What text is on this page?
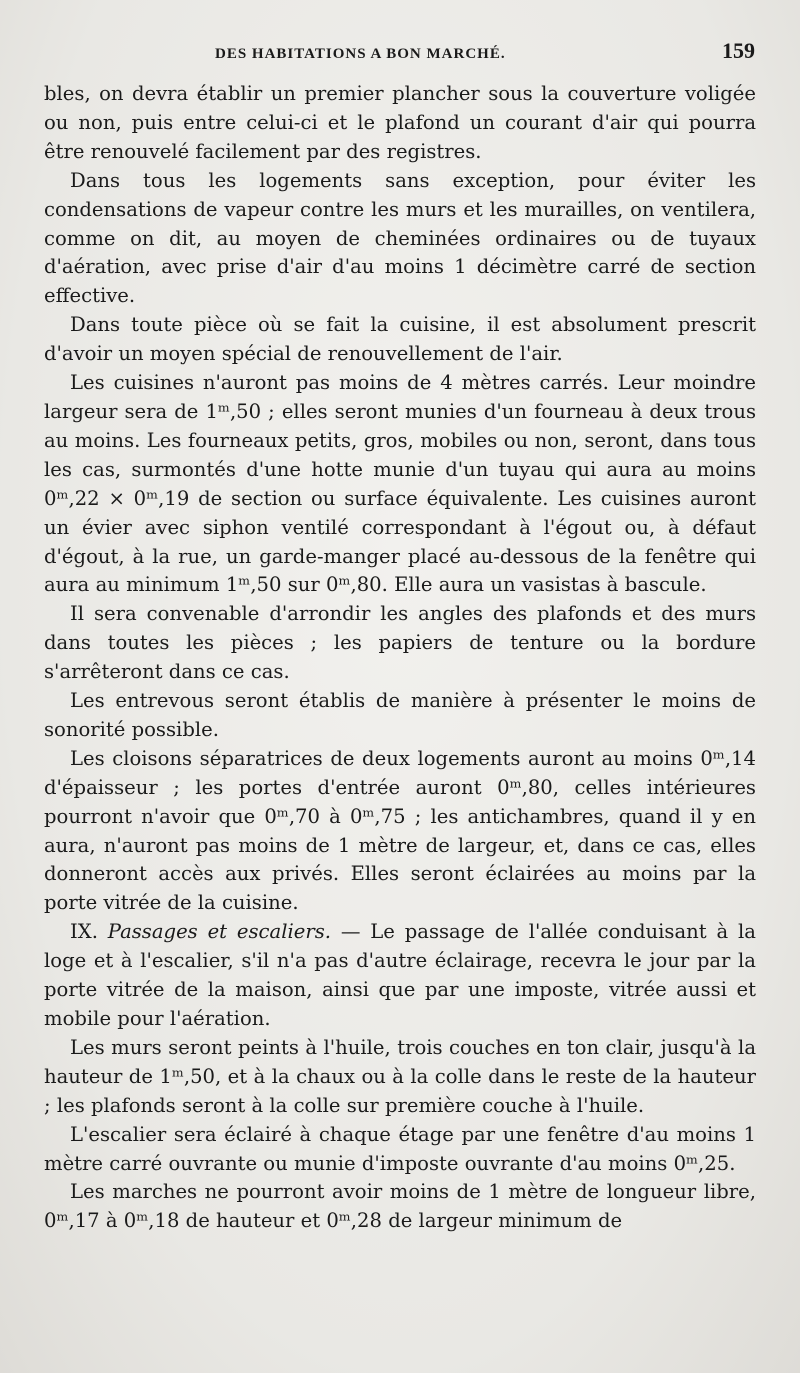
DES HABITATIONS A BON MARCHÉ.	159

bles, on devra établir un premier plancher sous la couverture voligée ou non, puis entre celui-ci et le plafond un courant d'air qui pourra être renouvelé facilement par des registres.

Dans tous les logements sans exception, pour éviter les condensations de vapeur contre les murs et les murailles, on ventilera, comme on dit, au moyen de cheminées ordinaires ou de tuyaux d'aération, avec prise d'air d'au moins 1 décimètre carré de section effective.

Dans toute pièce où se fait la cuisine, il est absolument prescrit d'avoir un moyen spécial de renouvellement de l'air.

Les cuisines n'auront pas moins de 4 mètres carrés. Leur moindre largeur sera de 1ᵐ,50 ; elles seront munies d'un fourneau à deux trous au moins. Les fourneaux petits, gros, mobiles ou non, seront, dans tous les cas, surmontés d'une hotte munie d'un tuyau qui aura au moins 0ᵐ,22 × 0ᵐ,19 de section ou surface équivalente. Les cuisines auront un évier avec siphon ventilé correspondant à l'égout ou, à défaut d'égout, à la rue, un garde-manger placé au-dessous de la fenêtre qui aura au minimum 1ᵐ,50 sur 0ᵐ,80. Elle aura un vasistas à bascule.

Il sera convenable d'arrondir les angles des plafonds et des murs dans toutes les pièces ; les papiers de tenture ou la bordure s'arrêteront dans ce cas.

Les entrevous seront établis de manière à présenter le moins de sonorité possible.

Les cloisons séparatrices de deux logements auront au moins 0ᵐ,14 d'épaisseur ; les portes d'entrée auront 0ᵐ,80, celles intérieures pourront n'avoir que 0ᵐ,70 à 0ᵐ,75 ; les antichambres, quand il y en aura, n'auront pas moins de 1 mètre de largeur, et, dans ce cas, elles donneront accès aux privés. Elles seront éclairées au moins par la porte vitrée de la cuisine.

IX. Passages et escaliers. — Le passage de l'allée conduisant à la loge et à l'escalier, s'il n'a pas d'autre éclairage, recevra le jour par la porte vitrée de la maison, ainsi que par une imposte, vitrée aussi et mobile pour l'aération.

Les murs seront peints à l'huile, trois couches en ton clair, jusqu'à la hauteur de 1ᵐ,50, et à la chaux ou à la colle dans le reste de la hauteur ; les plafonds seront à la colle sur première couche à l'huile.

L'escalier sera éclairé à chaque étage par une fenêtre d'au moins 1 mètre carré ouvrante ou munie d'imposte ouvrante d'au moins 0ᵐ,25.

Les marches ne pourront avoir moins de 1 mètre de longueur libre, 0ᵐ,17 à 0ᵐ,18 de hauteur et 0ᵐ,28 de largeur minimum de
